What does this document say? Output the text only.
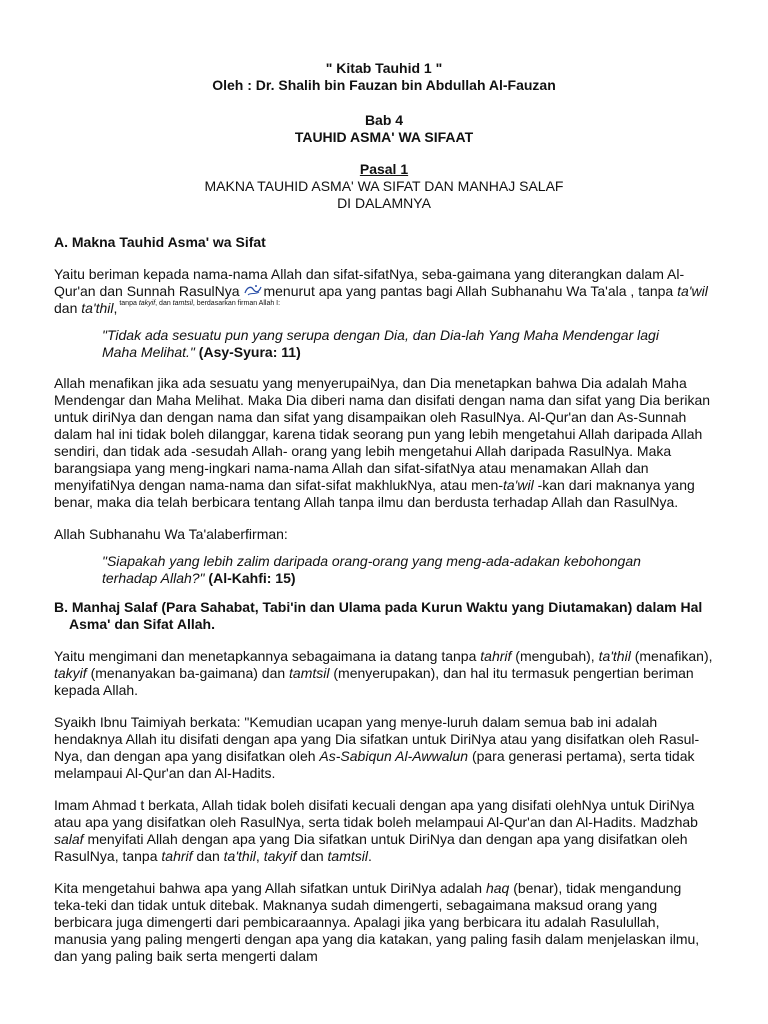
" Kitab Tauhid 1 "
Oleh : Dr. Shalih bin Fauzan bin Abdullah Al-Fauzan
Bab 4
TAUHID ASMA' WA SIFAAT
Pasal 1
MAKNA TAUHID ASMA' WA SIFAT DAN MANHAJ SALAF
DI DALAMNYA
A. Makna Tauhid Asma' wa Sifat

Yaitu beriman kepada nama-nama Allah dan sifat-sifatNya, seba-gaimana yang diterangkan dalam Al-Qur'an dan Sunnah RasulNya menurut apa yang pantas bagi Allah Subhanahu Wa Ta'ala , tanpa ta'wil dan ta'thil, $^{tanpa takyif, dan tamtsil, berdasarkan firman Allah I:}$

"Tidak ada sesuatu pun yang serupa dengan Dia, dan Dia-lah Yang Maha Mendengar lagi Maha Melihat." (Asy-Syura: 11)

Allah menafikan jika ada sesuatu yang menyerupaiNya, dan Dia menetapkan bahwa Dia adalah Maha Mendengar dan Maha Melihat. Maka Dia diberi nama dan disifati dengan nama dan sifat yang Dia berikan untuk diriNya dan dengan nama dan sifat yang disampaikan oleh RasulNya. Al-Qur'an dan As-Sunnah dalam hal ini tidak boleh dilanggar, karena tidak seorang pun yang lebih mengetahui Allah daripada Allah sendiri, dan tidak ada -sesudah Allah- orang yang lebih mengetahui Allah daripada RasulNya. Maka barangsiapa yang meng-ingkari nama-nama Allah dan sifat-sifatNya atau menamakan Allah dan menyifatiNya dengan nama-nama dan sifat-sifat makhlukNya, atau men-ta'wil -kan dari maknanya yang benar, maka dia telah berbicara tentang Allah tanpa ilmu dan berdusta terhadap Allah dan RasulNya.

Allah Subhanahu Wa Ta'alaberfirman:

"Siapakah yang lebih zalim daripada orang-orang yang meng-ada-adakan kebohongan terhadap Allah?" (Al-Kahfi: 15)

B. Manhaj Salaf (Para Sahabat, Tabi'in dan Ulama pada Kurun Waktu yang Diutamakan) dalam Hal Asma' dan Sifat Allah.

Yaitu mengimani dan menetapkannya sebagaimana ia datang tanpa tahrif (mengubah), ta'thil (menafikan), takyif (menanyakan ba-gaimana) dan tamtsil (menyerupakan), dan hal itu termasuk pengertian beriman kepada Allah.

Syaikh Ibnu Taimiyah berkata: "Kemudian ucapan yang menye-luruh dalam semua bab ini adalah hendaknya Allah itu disifati dengan apa yang Dia sifatkan untuk DiriNya atau yang disifatkan oleh Rasul-Nya, dan dengan apa yang disifatkan oleh As-Sabiqun Al-Awwalun (para generasi pertama), serta tidak melampaui Al-Qur'an dan Al-Hadits.

Imam Ahmad t berkata, Allah tidak boleh disifati kecuali dengan apa yang disifati olehNya untuk DiriNya atau apa yang disifatkan oleh RasulNya, serta tidak boleh melampaui Al-Qur'an dan Al-Hadits. Madzhab salaf menyifati Allah dengan apa yang Dia sifatkan untuk DiriNya dan dengan apa yang disifatkan oleh RasulNya, tanpa tahrif dan ta'thil, takyif dan tamtsil.

Kita mengetahui bahwa apa yang Allah sifatkan untuk DiriNya adalah haq (benar), tidak mengandung teka-teki dan tidak untuk ditebak. Maknanya sudah dimengerti, sebagaimana maksud orang yang berbicara juga dimengerti dari pembicaraannya. Apalagi jika yang berbicara itu adalah Rasulullah, manusia yang paling mengerti dengan apa yang dia katakan, yang paling fasih dalam menjelaskan ilmu, dan yang paling baik serta mengerti dalam
